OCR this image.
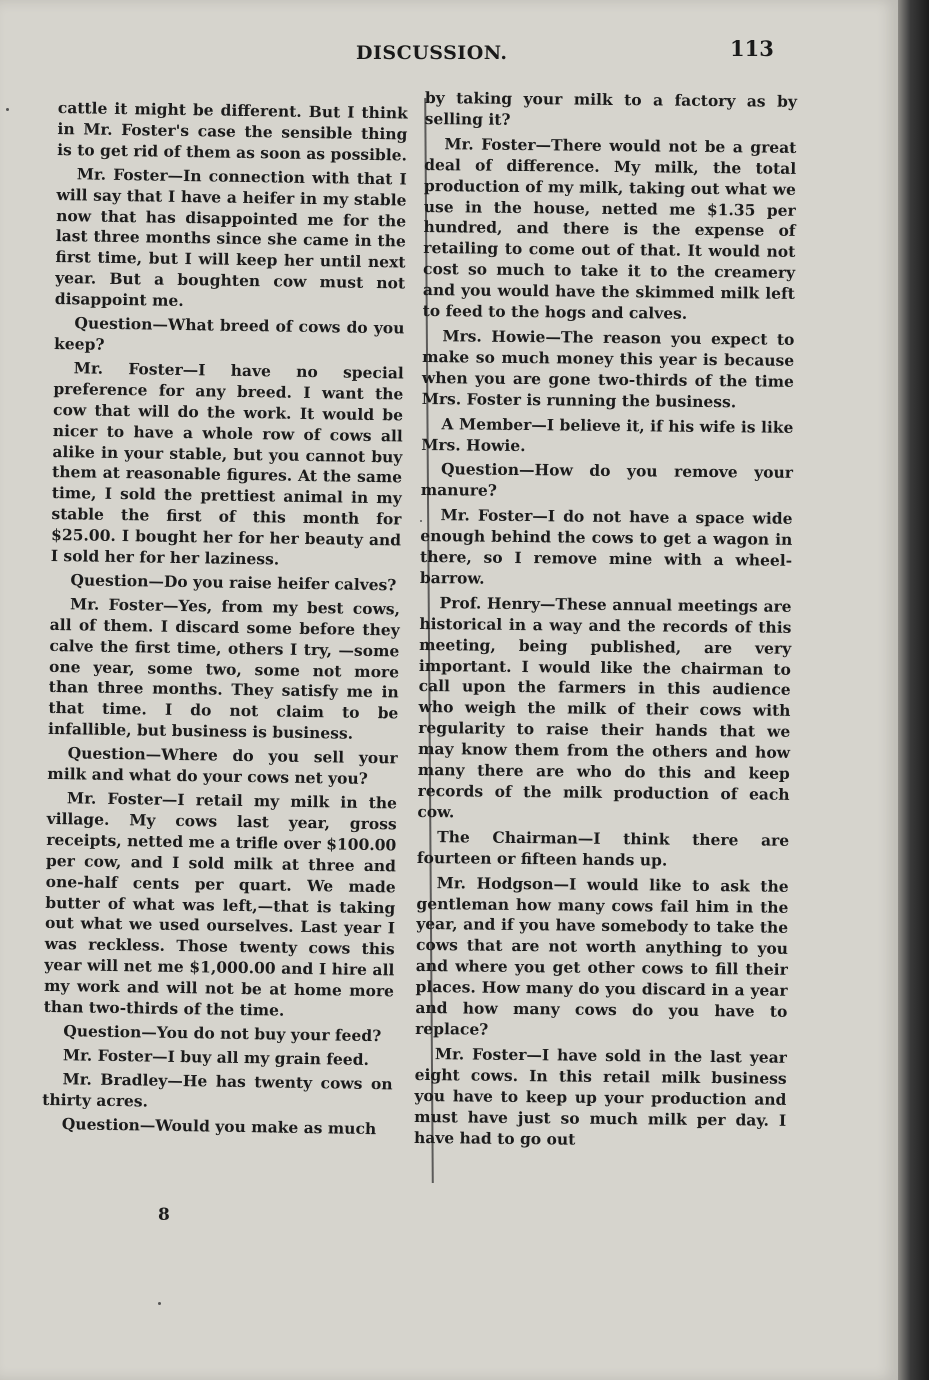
DISCUSSION.	113

cattle it might be different. But I think in Mr. Foster's case the sensible thing is to get rid of them as soon as possible.

Mr. Foster—In connection with that I will say that I have a heifer in my stable now that has disappointed me for the last three months since she came in the first time, but I will keep her until next year. But a boughten cow must not disappoint me.

Question—What breed of cows do you keep?

Mr. Foster—I have no special preference for any breed. I want the cow that will do the work. It would be nicer to have a whole row of cows all alike in your stable, but you cannot buy them at reasonable figures. At the same time, I sold the prettiest animal in my stable the first of this month for $25.00. I bought her for her beauty and I sold her for her laziness.

Question—Do you raise heifer calves?

Mr. Foster—Yes, from my best cows, all of them. I discard some before they calve the first time, others I try, —some one year, some two, some not more than three months. They satisfy me in that time. I do not claim to be infallible, but business is business.

Question—Where do you sell your milk and what do your cows net you?

Mr. Foster—I retail my milk in the village. My cows last year, gross receipts, netted me a trifle over $100.00 per cow, and I sold milk at three and one-half cents per quart. We made butter of what was left,—that is taking out what we used ourselves. Last year I was reckless. Those twenty cows this year will net me $1,000.00 and I hire all my work and will not be at home more than two-thirds of the time.

Question—You do not buy your feed?

Mr. Foster—I buy all my grain feed.

Mr. Bradley—He has twenty cows on thirty acres.

Question—Would you make as much

by taking your milk to a factory as by selling it?

Mr. Foster—There would not be a great deal of difference. My milk, the total production of my milk, taking out what we use in the house, netted me $1.35 per hundred, and there is the expense of retailing to come out of that. It would not cost so much to take it to the creamery and you would have the skimmed milk left to feed to the hogs and calves.

Mrs. Howie—The reason you expect to make so much money this year is because when you are gone two-thirds of the time Mrs. Foster is running the business.

A Member—I believe it, if his wife is like Mrs. Howie.

Question—How do you remove your manure?

Mr. Foster—I do not have a space wide enough behind the cows to get a wagon in there, so I remove mine with a wheel-barrow.

Prof. Henry—These annual meetings are historical in a way and the records of this meeting, being published, are very important. I would like the chairman to call upon the farmers in this audience who weigh the milk of their cows with regularity to raise their hands that we may know them from the others and how many there are who do this and keep records of the milk production of each cow.

The Chairman—I think there are fourteen or fifteen hands up.

Mr. Hodgson—I would like to ask the gentleman how many cows fail him in the year, and if you have somebody to take the cows that are not worth anything to you and where you get other cows to fill their places. How many do you discard in a year and how many cows do you have to replace?

Mr. Foster—I have sold in the last year eight cows. In this retail milk business you have to keep up your production and must have just so much milk per day. I have had to go out

8
